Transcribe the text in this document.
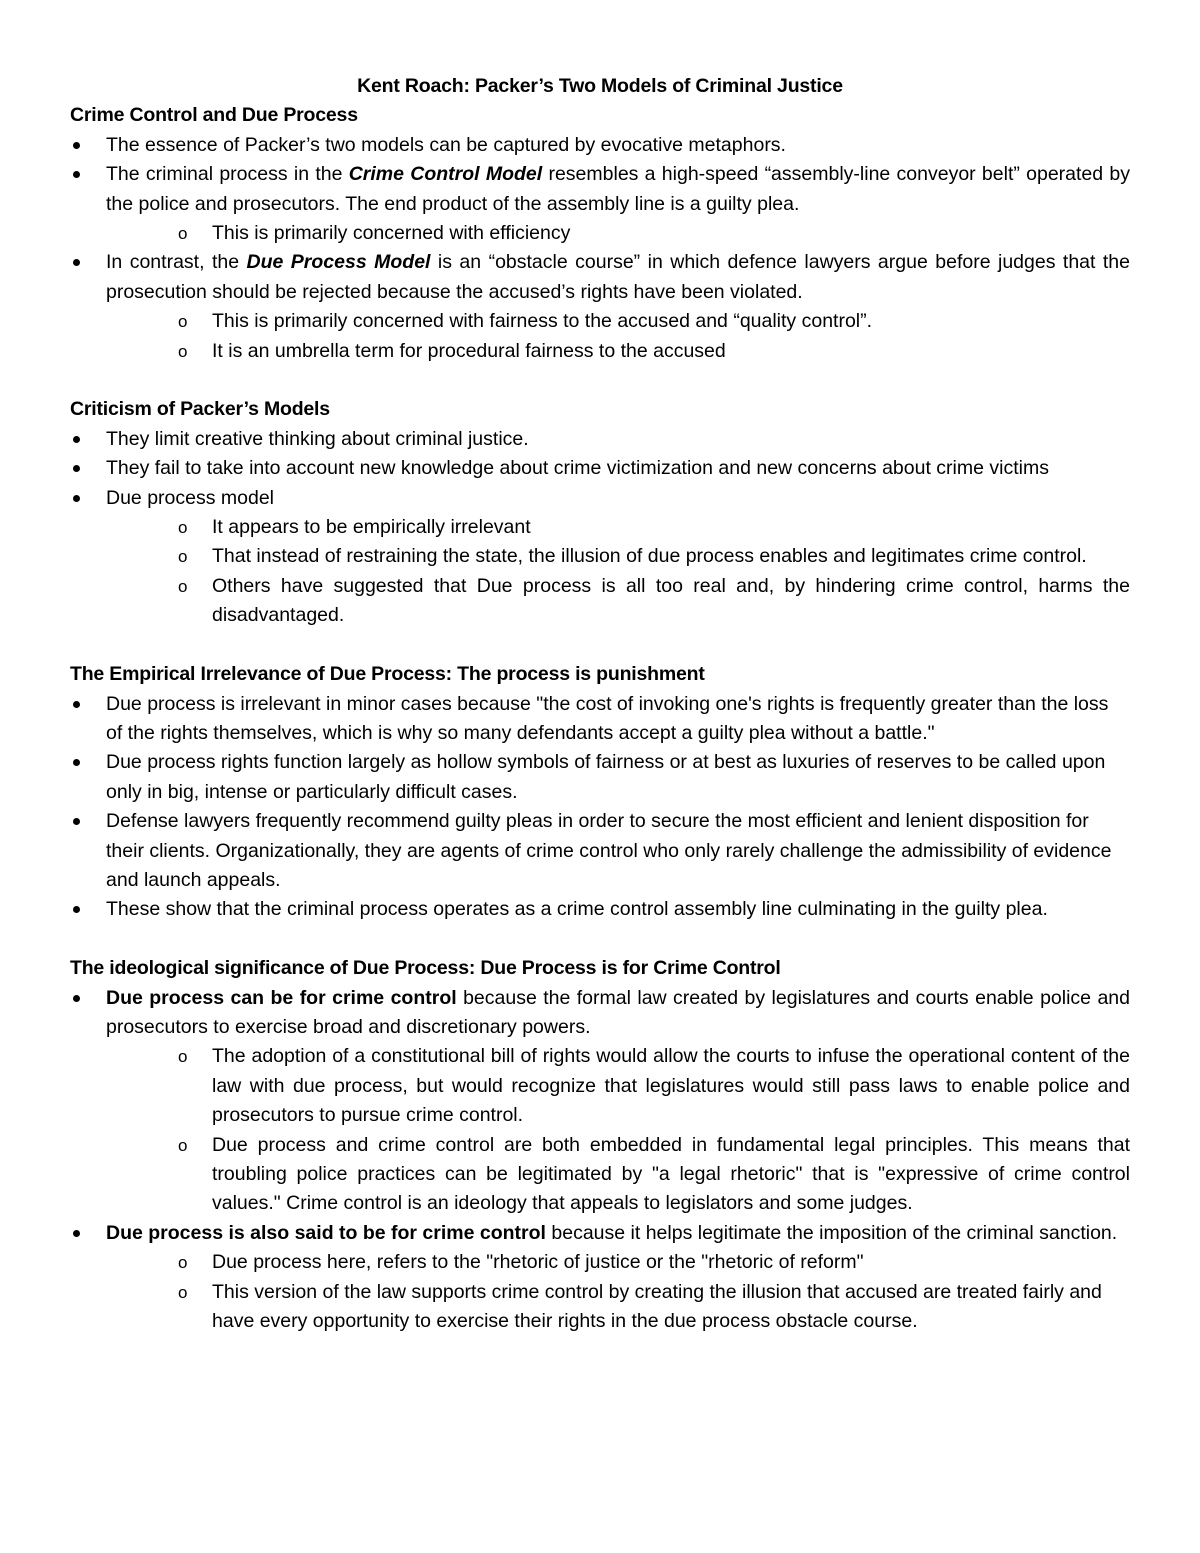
Kent Roach: Packer’s Two Models of Criminal Justice

Crime Control and Due Process

The essence of Packer’s two models can be captured by evocative metaphors.
The criminal process in the Crime Control Model resembles a high-speed “assembly-line conveyor belt” operated by the police and prosecutors. The end product of the assembly line is a guilty plea.
o This is primarily concerned with efficiency
In contrast, the Due Process Model is an “obstacle course” in which defence lawyers argue before judges that the prosecution should be rejected because the accused’s rights have been violated.
o This is primarily concerned with fairness to the accused and “quality control”.
o It is an umbrella term for procedural fairness to the accused

Criticism of Packer’s Models

They limit creative thinking about criminal justice.
They fail to take into account new knowledge about crime victimization and new concerns about crime victims
Due process model
o It appears to be empirically irrelevant
o That instead of restraining the state, the illusion of due process enables and legitimates crime control.
o Others have suggested that Due process is all too real and, by hindering crime control, harms the disadvantaged.

The Empirical Irrelevance of Due Process: The process is punishment

Due process is irrelevant in minor cases because "the cost of invoking one's rights is frequently greater than the loss of the rights themselves, which is why so many defendants accept a guilty plea without a battle."
Due process rights function largely as hollow symbols of fairness or at best as luxuries of reserves to be called upon only in big, intense or particularly difficult cases.
Defense lawyers frequently recommend guilty pleas in order to secure the most efficient and lenient disposition for their clients. Organizationally, they are agents of crime control who only rarely challenge the admissibility of evidence and launch appeals.
These show that the criminal process operates as a crime control assembly line culminating in the guilty plea.

The ideological significance of Due Process: Due Process is for Crime Control

Due process can be for crime control because the formal law created by legislatures and courts enable police and prosecutors to exercise broad and discretionary powers.
o The adoption of a constitutional bill of rights would allow the courts to infuse the operational content of the law with due process, but would recognize that legislatures would still pass laws to enable police and prosecutors to pursue crime control.
o Due process and crime control are both embedded in fundamental legal principles. This means that troubling police practices can be legitimated by "a legal rhetoric" that is "expressive of crime control values." Crime control is an ideology that appeals to legislators and some judges.
Due process is also said to be for crime control because it helps legitimate the imposition of the criminal sanction.
o Due process here, refers to the "rhetoric of justice or the "rhetoric of reform"
o This version of the law supports crime control by creating the illusion that accused are treated fairly and have every opportunity to exercise their rights in the due process obstacle course.
